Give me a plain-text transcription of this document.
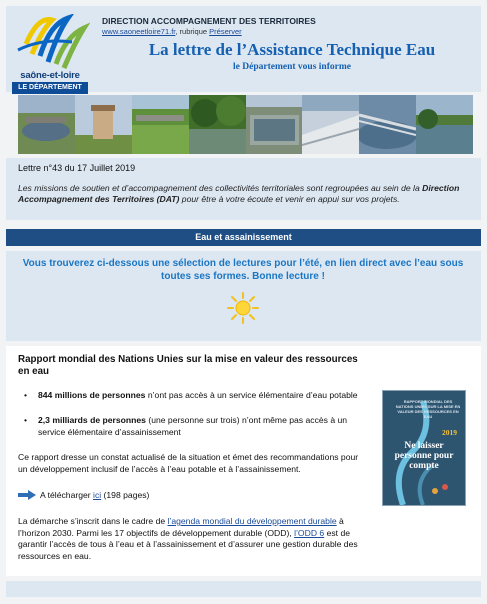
saône-et-loire
LE DÉPARTEMENT
DIRECTION ACCOMPAGNEMENT DES TERRITOIRES
www.saoneetloire71.fr, rubrique Préserver
La lettre de l’Assistance Technique Eau
le Département vous informe
Lettre n°43 du 17 Juillet 2019
Les missions de soutien et d’accompagnement des collectivités territoriales sont regroupées au sein de la Direction Accompagnement des Territoires (DAT) pour être à votre écoute et venir en appui sur vos projets.
Eau et assainissement
Vous trouverez ci-dessous une sélection de lectures pour l’été, en lien direct avec l’eau sous toutes ses formes. Bonne lecture !
Rapport mondial des Nations Unies sur la mise en valeur des ressources en eau
• 844 millions de personnes n’ont pas accès à un service élémentaire d’eau potable
• 2,3 milliards de personnes (une personne sur trois) n’ont même pas accès à un service élémentaire d’assainissement
Ce rapport dresse un constat actualisé de la situation et émet des recommandations pour un développement inclusif de l’accès à l’eau potable et à l’assainissement.
A télécharger ici (198 pages)
La démarche s’inscrit dans le cadre de l’agenda mondial du développement durable à l’horizon 2030. Parmi les 17 objectifs de développement durable (ODD), l’ODD 6 est de garantir l’accès de tous à l’eau et à l’assainissement et d’assurer une gestion durable des ressources en eau.
RAPPORT MONDIAL DES NATIONS UNIES SUR LA MISE EN VALEUR DES RESSOURCES EN EAU
2019
Ne laisser personne pour compte
